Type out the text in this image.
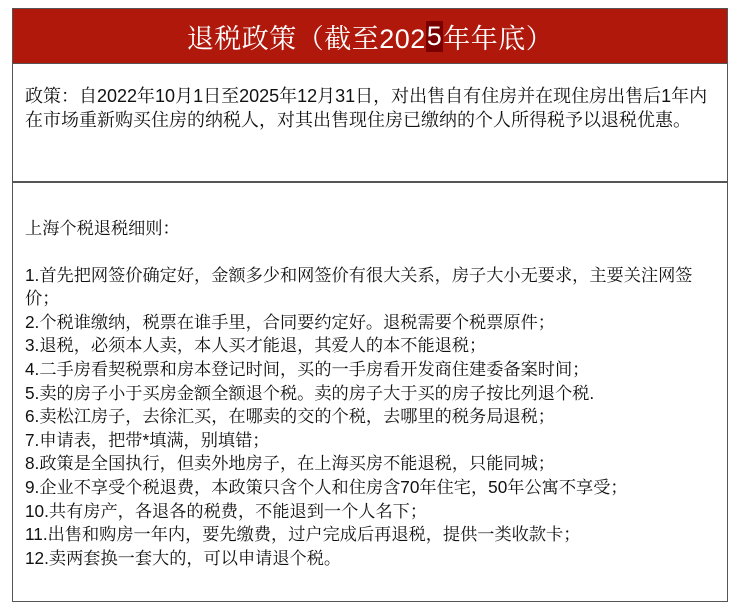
退税政策（截至202 5 年年底）
政策：自2022年10月1日至2025年12月31日，对出售自有住房并在现住房出售后1年内在市场重新购买住房的纳税人，对其出售现住房已缴纳的个人所得税予以退税优惠。
上海个税退税细则：
1.首先把网签价确定好，金额多少和网签价有很大关系，房子大小无要求，主要关注网签价；
2.个税谁缴纳，税票在谁手里，合同要约定好。退税需要个税票原件；
3.退税，必须本人卖，本人买才能退，其爱人的本不能退税；
4.二手房看契税票和房本登记时间，买的一手房看开发商住建委备案时间；
5.卖的房子小于买房金额全额退个税。卖的房子大于买的房子按比列退个税.
6.卖松江房子，去徐汇买，在哪卖的交的个税，去哪里的税务局退税；
7.申请表，把带*填满，别填错；
8.政策是全国执行，但卖外地房子，在上海买房不能退税，只能同城；
9.企业不享受个税退费，本政策只含个人和住房含70年住宅，50年公寓不享受；
10.共有房产，各退各的税费，不能退到一个人名下；
11.出售和购房一年内，要先缴费，过户完成后再退税，提供一类收款卡；
12.卖两套换一套大的，可以申请退个税。
